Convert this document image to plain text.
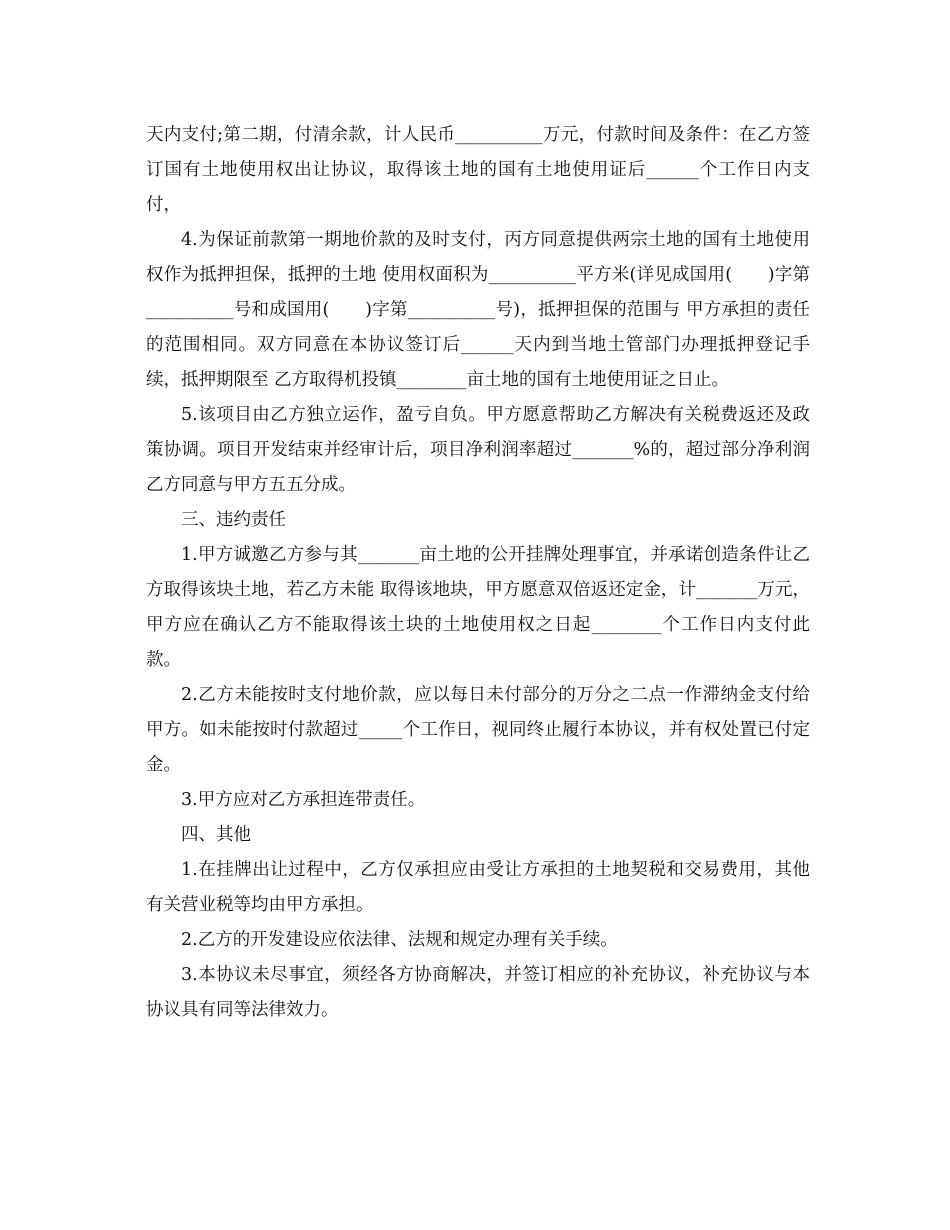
天内支付;第二期，付清余款，计人民币__________万元，付款时间及条件：在乙方签订国有土地使用权出让协议，取得该土地的国有土地使用证后______个工作日内支付，

4.为保证前款第一期地价款的及时支付，丙方同意提供两宗土地的国有土地使用权作为抵押担保，抵押的土地 使用权面积为__________平方米(详见成国用(　　)字第__________号和成国用(　　)字第__________号)，抵押担保的范围与 甲方承担的责任的范围相同。双方同意在本协议签订后______天内到当地土管部门办理抵押登记手续，抵押期限至 乙方取得机投镇________亩土地的国有土地使用证之日止。

5.该项目由乙方独立运作，盈亏自负。甲方愿意帮助乙方解决有关税费返还及政策协调。项目开发结束并经审计后，项目净利润率超过_______%的，超过部分净利润乙方同意与甲方五五分成。

三、违约责任

1.甲方诚邀乙方参与其_______亩土地的公开挂牌处理事宜，并承诺创造条件让乙方取得该块土地，若乙方未能 取得该地块，甲方愿意双倍返还定金，计_______万元，甲方应在确认乙方不能取得该土块的土地使用权之日起________个工作日内支付此款。

2.乙方未能按时支付地价款，应以每日未付部分的万分之二点一作滞纳金支付给甲方。如未能按时付款超过_____个工作日，视同终止履行本协议，并有权处置已付定金。

3.甲方应对乙方承担连带责任。

四、其他

1.在挂牌出让过程中，乙方仅承担应由受让方承担的土地契税和交易费用，其他有关营业税等均由甲方承担。

2.乙方的开发建设应依法律、法规和规定办理有关手续。

3.本协议未尽事宜，须经各方协商解决，并签订相应的补充协议，补充协议与本协议具有同等法律效力。
